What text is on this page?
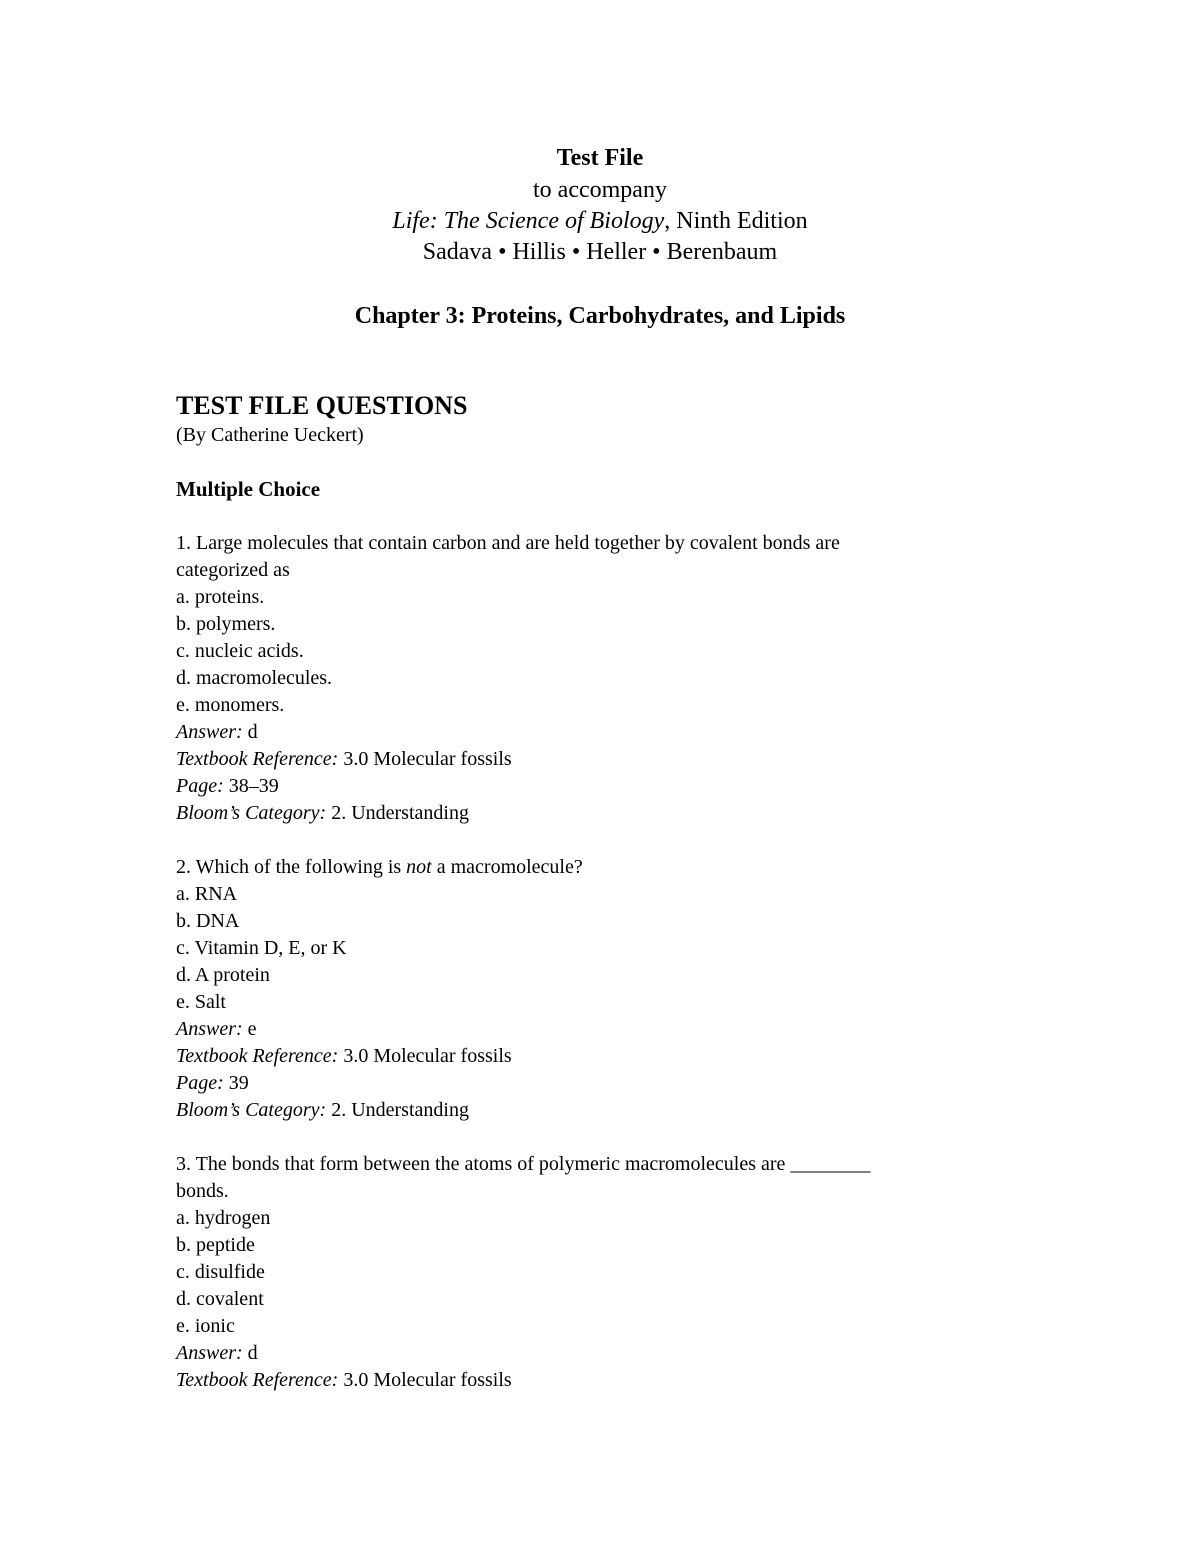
Test File
to accompany
Life: The Science of Biology, Ninth Edition
Sadava • Hillis • Heller • Berenbaum
Chapter 3: Proteins, Carbohydrates, and Lipids
TEST FILE QUESTIONS
(By Catherine Ueckert)
Multiple Choice
1. Large molecules that contain carbon and are held together by covalent bonds are
categorized as
a. proteins.
b. polymers.
c. nucleic acids.
d. macromolecules.
e. monomers.
Answer: d
Textbook Reference: 3.0 Molecular fossils
Page: 38–39
Bloom’s Category: 2. Understanding
2. Which of the following is not a macromolecule?
a. RNA
b. DNA
c. Vitamin D, E, or K
d. A protein
e. Salt
Answer: e
Textbook Reference: 3.0 Molecular fossils
Page: 39
Bloom’s Category: 2. Understanding
3. The bonds that form between the atoms of polymeric macromolecules are ________
bonds.
a. hydrogen
b. peptide
c. disulfide
d. covalent
e. ionic
Answer: d
Textbook Reference: 3.0 Molecular fossils
